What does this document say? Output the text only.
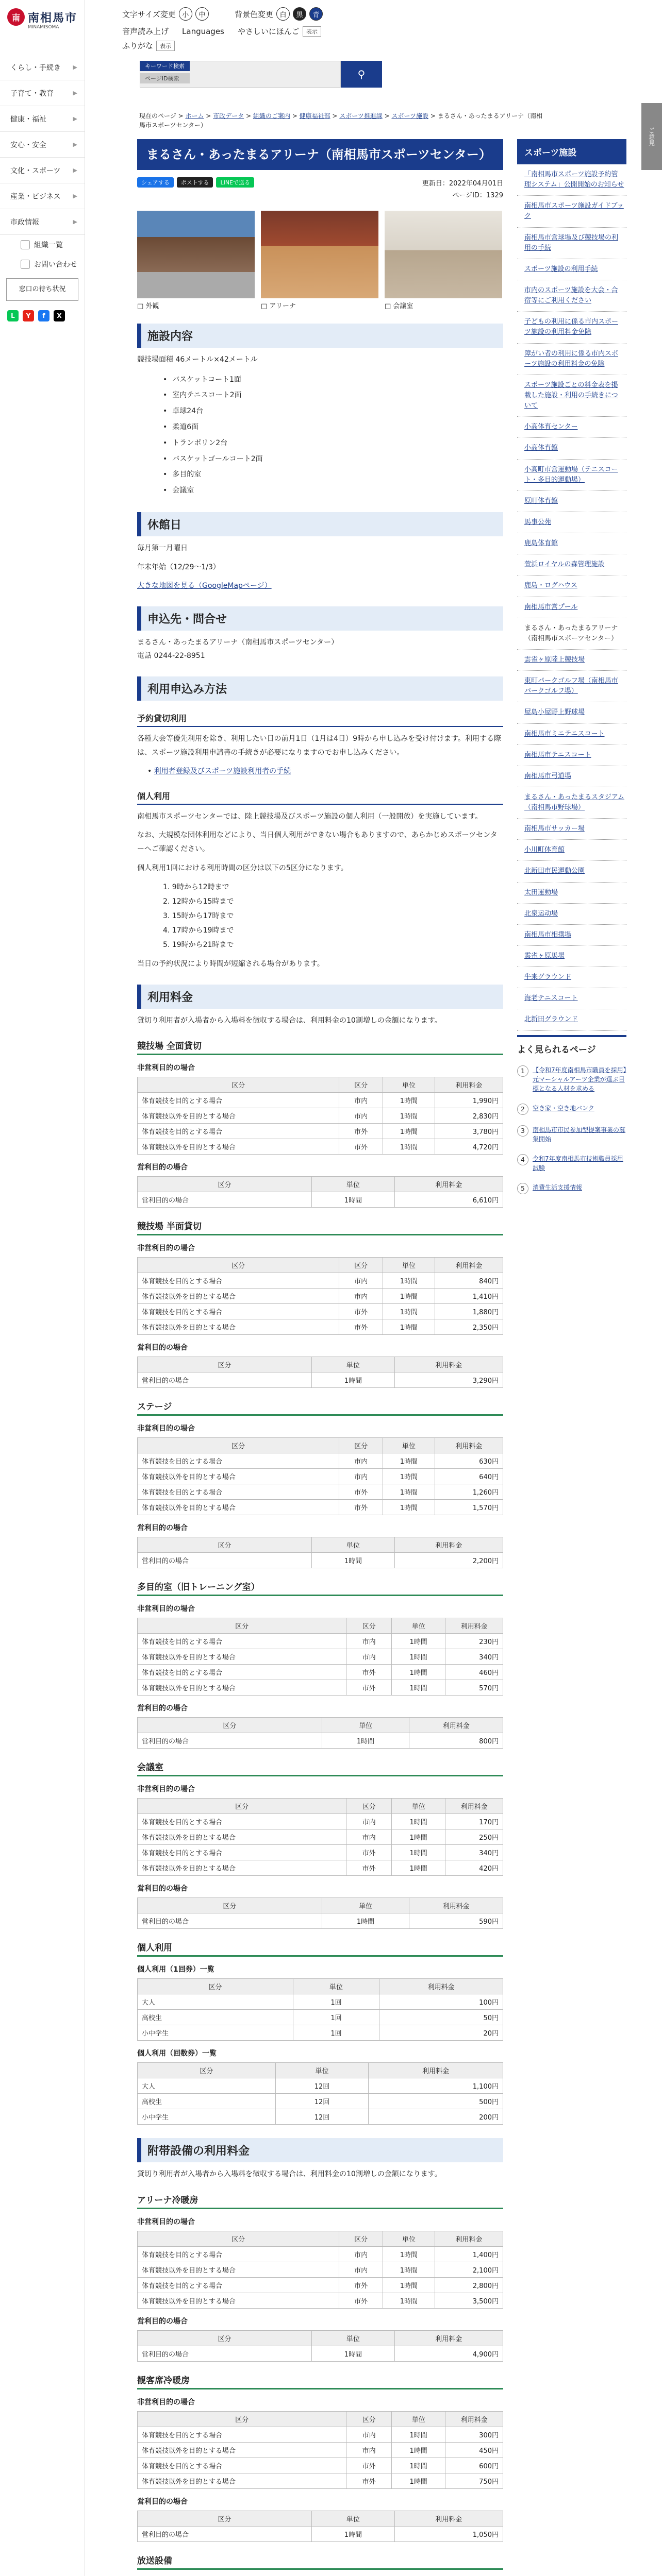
南 南相馬市
MINAMISOMA
くらし・手続き ▶
子育て・教育	▶
健康・福祉	▶
安心・安全	▶
文化・スポーツ ▶
産業・ビジネス ▶
市政情報	▶
組織一覧
お問い合わせ
窓口の待ち状況
L	Y	f	X
文字サイズ変更 小	中	背景色変更 白	黒	青
音声読み上げ Languages やさしいにほんご	表示
ふりがな	表示
⚲
キーワード検索
ページID検索
ご意見
現在のページ > ホーム > 市政データ > 組織のご案内 > 健康福祉部 > スポーツ推進課 > スポーツ施設 > まるさん・あったまるアリーナ（南相馬市スポーツセンター）
まるさん・あったまるアリーナ（南相馬市スポーツセンター）
シェアする	ポストする	LINEで送る	更新日：2022年04月01日
ページID：1329
□ 外観	□ アリーナ	□ 会議室
施設内容

競技場面積 46メートル×42メートル

• バスケットコート1面
• 室内テニスコート2面
• 卓球24台
• 柔道6面
• トランポリン2台
• バスケットゴールコート2面
• 多目的室
• 会議室
休館日

毎月第一月曜日

年末年始（12/29～1/3）

大きな地図を見る（GoogleMapページ）

申込先・問合せ

まるさん・あったまるアリーナ（南相馬市スポーツセンター）

電話 0244-22-8951

利用申込み方法
予約貸切利用

各種大会等優先利用を除き、利用したい日の前月1日（1月は4日）9時から申し込みを受け付けます。利用する際は、スポーツ施設利用申請書の手続きが必要になりますのでお申し込みください。

• 利用者登録及びスポーツ施設利用者の手続

個人利用

南相馬市スポーツセンターでは、陸上競技場及びスポーツ施設の個人利用（一般開放）を実施しています。

なお、大規模な団体利用などにより、当日個人利用ができない場合もありますので、あらかじめスポーツセンターへご確認ください。

個人利用1回における利用時間の区分は以下の5区分になります。

1. 9時から12時まで
2. 12時から15時まで
3. 15時から17時まで
4. 17時から19時まで
5. 19時から21時まで

当日の予約状況により時間が短縮される場合があります。

利用料金

貸切り利用者が入場者から入場料を徴収する場合は、利用料金の10割増しの金額になります。

競技場 全面貸切
非営利目的の場合
区分	区分	単位	利用料金
体育競技を目的とする場合	市内	1時間	1,990円
体育競技以外を目的とする場合	市内	1時間	2,830円
体育競技を目的とする場合	市外	1時間	3,780円
体育競技以外を目的とする場合	市外	1時間	4,720円
営利目的の場合
区分	単位	利用料金
営利目的の場合	1時間	6,610円
競技場 半面貸切
非営利目的の場合
区分	区分	単位	利用料金
体育競技を目的とする場合	市内	1時間	840円
体育競技以外を目的とする場合	市内	1時間	1,410円
体育競技を目的とする場合	市外	1時間	1,880円
体育競技以外を目的とする場合	市外	1時間	2,350円
営利目的の場合
区分	単位	利用料金
営利目的の場合	1時間	3,290円
ステージ
非営利目的の場合
区分	区分	単位	利用料金
体育競技を目的とする場合	市内	1時間	630円
体育競技以外を目的とする場合	市内	1時間	640円
体育競技を目的とする場合	市外	1時間	1,260円
体育競技以外を目的とする場合	市外	1時間	1,570円
営利目的の場合
区分	単位	利用料金
営利目的の場合	1時間	2,200円
多目的室（旧トレーニング室）
非営利目的の場合
区分	区分	単位	利用料金
体育競技を目的とする場合	市内	1時間	230円
体育競技以外を目的とする場合	市内	1時間	340円
体育競技を目的とする場合	市外	1時間	460円
体育競技以外を目的とする場合	市外	1時間	570円
営利目的の場合
区分	単位	利用料金
営利目的の場合	1時間	800円
会議室
非営利目的の場合
区分	区分	単位	利用料金
体育競技を目的とする場合	市内	1時間	170円
体育競技以外を目的とする場合	市内	1時間	250円
体育競技を目的とする場合	市外	1時間	340円
体育競技以外を目的とする場合	市外	1時間	420円
営利目的の場合
区分	単位	利用料金
営利目的の場合	1時間	590円
個人利用
個人利用（1回券）一覧
区分	単位	利用料金
大人	1回	100円
高校生	1回	50円
小中学生	1回	20円
個人利用（回数券）一覧
区分	単位	利用料金
大人	12回	1,100円
高校生	12回	500円
小中学生	12回	200円
附帯設備の利用料金

貸切り利用者が入場者から入場料を徴収する場合は、利用料金の10割増しの金額になります。

アリーナ冷暖房
非営利目的の場合
区分	区分	単位	利用料金
体育競技を目的とする場合	市内	1時間	1,400円
体育競技以外を目的とする場合	市内	1時間	2,100円
体育競技を目的とする場合	市外	1時間	2,800円
体育競技以外を目的とする場合	市外	1時間	3,500円
営利目的の場合
区分	単位	利用料金
営利目的の場合	1時間	4,900円
観客席冷暖房
非営利目的の場合
区分	区分	単位	利用料金
体育競技を目的とする場合	市内	1時間	300円
体育競技以外を目的とする場合	市内	1時間	450円
体育競技を目的とする場合	市外	1時間	600円
体育競技以外を目的とする場合	市外	1時間	750円
営利目的の場合
区分	単位	利用料金
営利目的の場合	1時間	1,050円
放送設備

スポーツ施設
「南相馬市スポーツ施設予約管理システム」公開開始のお知らせ
南相馬市スポーツ施設ガイドブック
南相馬市営球場及び競技場の利用の手続
スポーツ施設の利用手続
市内のスポーツ施設を大会・合宿等にご利用ください
子どもの利用に係る市内スポーツ施設の利用料金免除
障がい者の利用に係る市内スポーツ施設の利用料金の免除
スポーツ施設ごとの料金表を掲載した施設・利用の手続きについて
小高体育センター
小高体育館
小高町市営運動場（テニスコート・多目的運動場）
原町体育館
馬事公苑
鹿島体育館
萱浜ロイヤルの森管理施設
鹿島・ログハウス
南相馬市営プール
まるさん・あったまるアリーナ（南相馬市スポーツセンター）
雲雀ヶ原陸上競技場
東町パークゴルフ場（南相馬市パークゴルフ場）
屋島小屋野上野球場
南相馬市ミニテニスコート
南相馬市テニスコート
南相馬市弓道場
まるさん・あったまるスタジアム（南相馬市野球場）
南相馬市サッカー場
小川町体育館
北新田市民運動公園
太田運動場
北泉运动場
南相馬市相撲場
雲雀ヶ原馬場
牛来グラウンド
海老テニスコート
北新田グラウンド
よく見られるページ
1	【令和7年度南相馬市職員を採用】元マーシャルアーツ企業が選ぶ目標となる人材を求める
2	空き家・空き地バンク
3	南相馬市市民参加型提案事業の募集開始
4	令和7年度南相馬市技術職員採用試験
5	消費生活支援情報
